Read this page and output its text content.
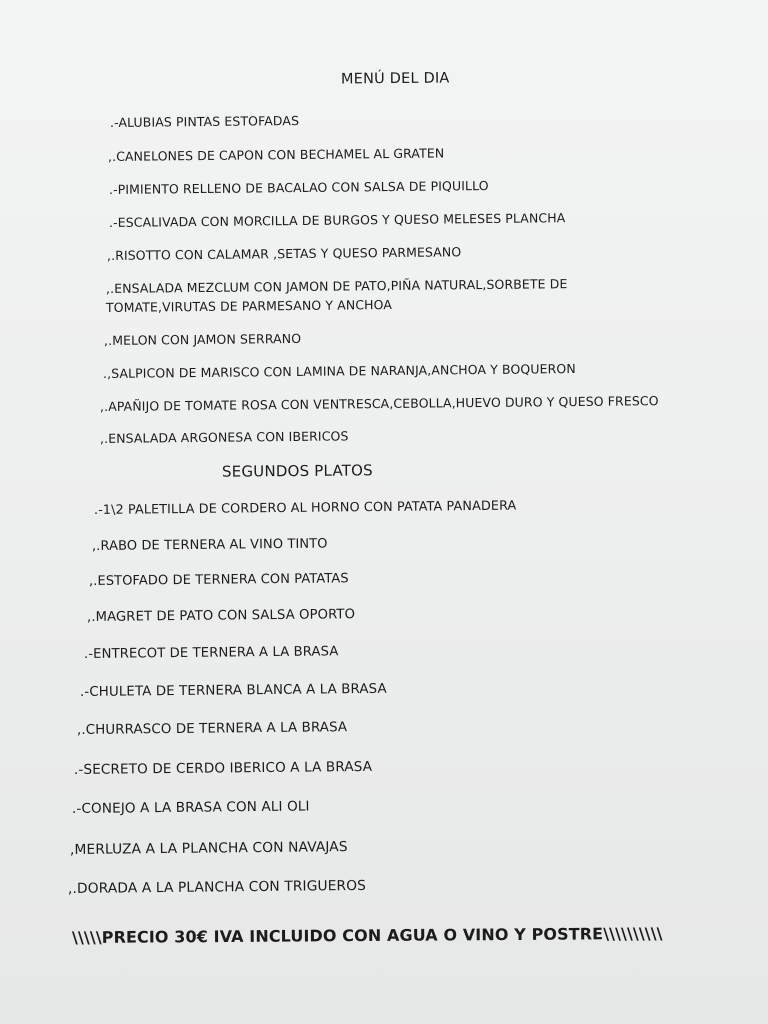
MENÚ DEL DIA
.-ALUBIAS PINTAS ESTOFADAS
,.CANELONES DE CAPON CON BECHAMEL AL GRATEN
.-PIMIENTO RELLENO DE BACALAO CON SALSA DE PIQUILLO
.-ESCALIVADA CON MORCILLA DE BURGOS Y QUESO MELESES PLANCHA
,.RISOTTO CON CALAMAR ,SETAS Y QUESO PARMESANO
,.ENSALADA MEZCLUM CON JAMON DE PATO,PIÑA NATURAL,SORBETE DE
TOMATE,VIRUTAS DE PARMESANO Y ANCHOA
,.MELON CON JAMON SERRANO
.,SALPICON DE MARISCO CON LAMINA DE NARANJA,ANCHOA Y BOQUERON
,.APAÑIJO DE TOMATE ROSA CON VENTRESCA,CEBOLLA,HUEVO DURO Y QUESO FRESCO
,.ENSALADA ARGONESA CON IBERICOS
SEGUNDOS PLATOS
.-1\2 PALETILLA DE CORDERO AL HORNO CON PATATA PANADERA
,.RABO DE TERNERA AL VINO TINTO
,.ESTOFADO DE TERNERA CON PATATAS
,.MAGRET DE PATO CON SALSA OPORTO
.-ENTRECOT DE TERNERA A LA BRASA
.-CHULETA DE TERNERA BLANCA A LA BRASA
,.CHURRASCO DE TERNERA A LA BRASA
.-SECRETO DE CERDO IBERICO A LA BRASA
.-CONEJO A LA BRASA CON ALI OLI
,MERLUZA A LA PLANCHA CON NAVAJAS
,.DORADA A LA PLANCHA CON TRIGUEROS
\\\\\PRECIO 30€ IVA INCLUIDO CON AGUA O VINO Y POSTRE\\\\\\\\\\
